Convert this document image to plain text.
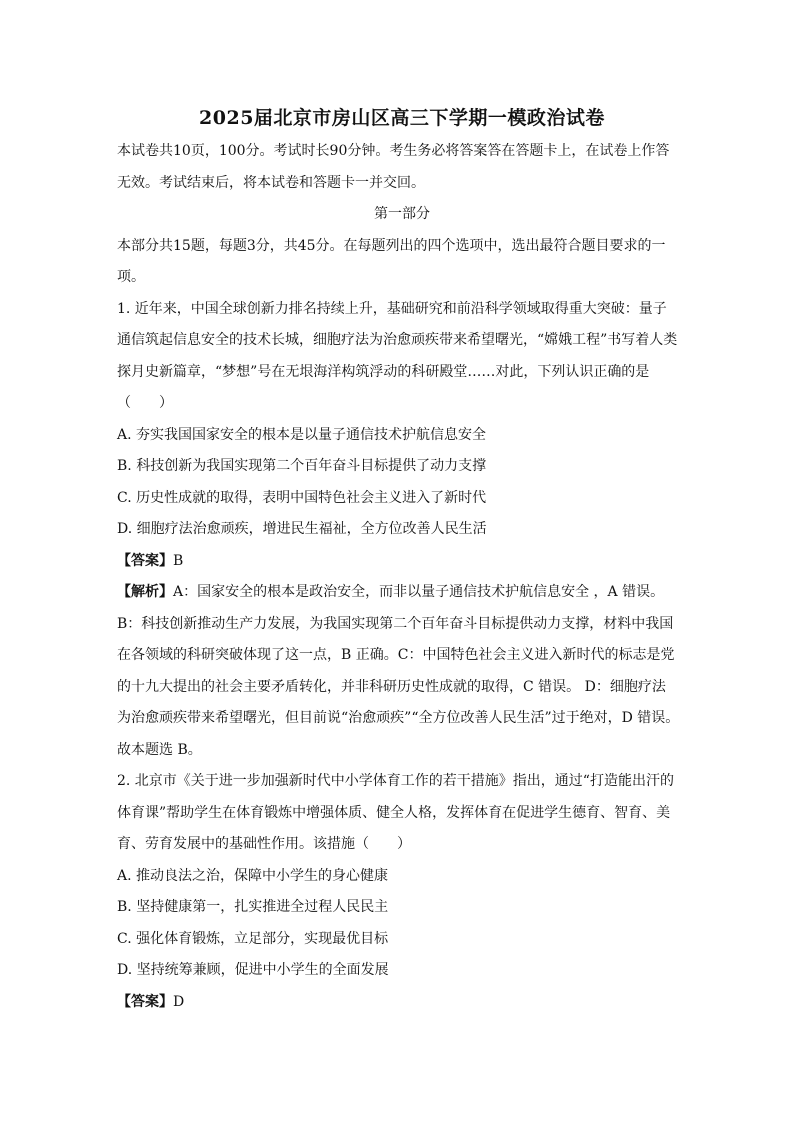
2025届北京市房山区高三下学期一模政治试卷

本试卷共10页，100分。考试时长90分钟。考生务必将答案答在答题卡上，在试卷上作答

无效。考试结束后，将本试卷和答题卡一并交回。

第一部分

本部分共15题，每题3分，共45分。在每题列出的四个选项中，选出最符合题目要求的一

项。

1. 近年来，中国全球创新力排名持续上升，基础研究和前沿科学领域取得重大突破：量子

通信筑起信息安全的技术长城，细胞疗法为治愈顽疾带来希望曙光，“嫦娥工程”书写着人类

探月史新篇章，“梦想”号在无垠海洋构筑浮动的科研殿堂……对此，下列认识正确的是

（　　）

A. 夯实我国国家安全的根本是以量子通信技术护航信息安全

B. 科技创新为我国实现第二个百年奋斗目标提供了动力支撑

C. 历史性成就的取得，表明中国特色社会主义进入了新时代

D. 细胞疗法治愈顽疾，增进民生福祉，全方位改善人民生活

【答案】B

【解析】A：国家安全的根本是政治安全，而非以量子通信技术护航信息安全 ，A 错误。

B：科技创新推动生产力发展，为我国实现第二个百年奋斗目标提供动力支撑，材料中我国

在各领域的科研突破体现了这一点，B 正确。C：中国特色社会主义进入新时代的标志是党

的十九大提出的社会主要矛盾转化，并非科研历史性成就的取得，C 错误。 D：细胞疗法

为治愈顽疾带来希望曙光，但目前说“治愈顽疾”“全方位改善人民生活”过于绝对，D 错误。

故本题选 B。

2. 北京市《关于进一步加强新时代中小学体育工作的若干措施》指出，通过“打造能出汗的

体育课”帮助学生在体育锻炼中增强体质、健全人格，发挥体育在促进学生德育、智育、美

育、劳育发展中的基础性作用。该措施（　　）

A. 推动良法之治，保障中小学生的身心健康

B. 坚持健康第一，扎实推进全过程人民民主

C. 强化体育锻炼，立足部分，实现最优目标

D. 坚持统筹兼顾，促进中小学生的全面发展

【答案】D
